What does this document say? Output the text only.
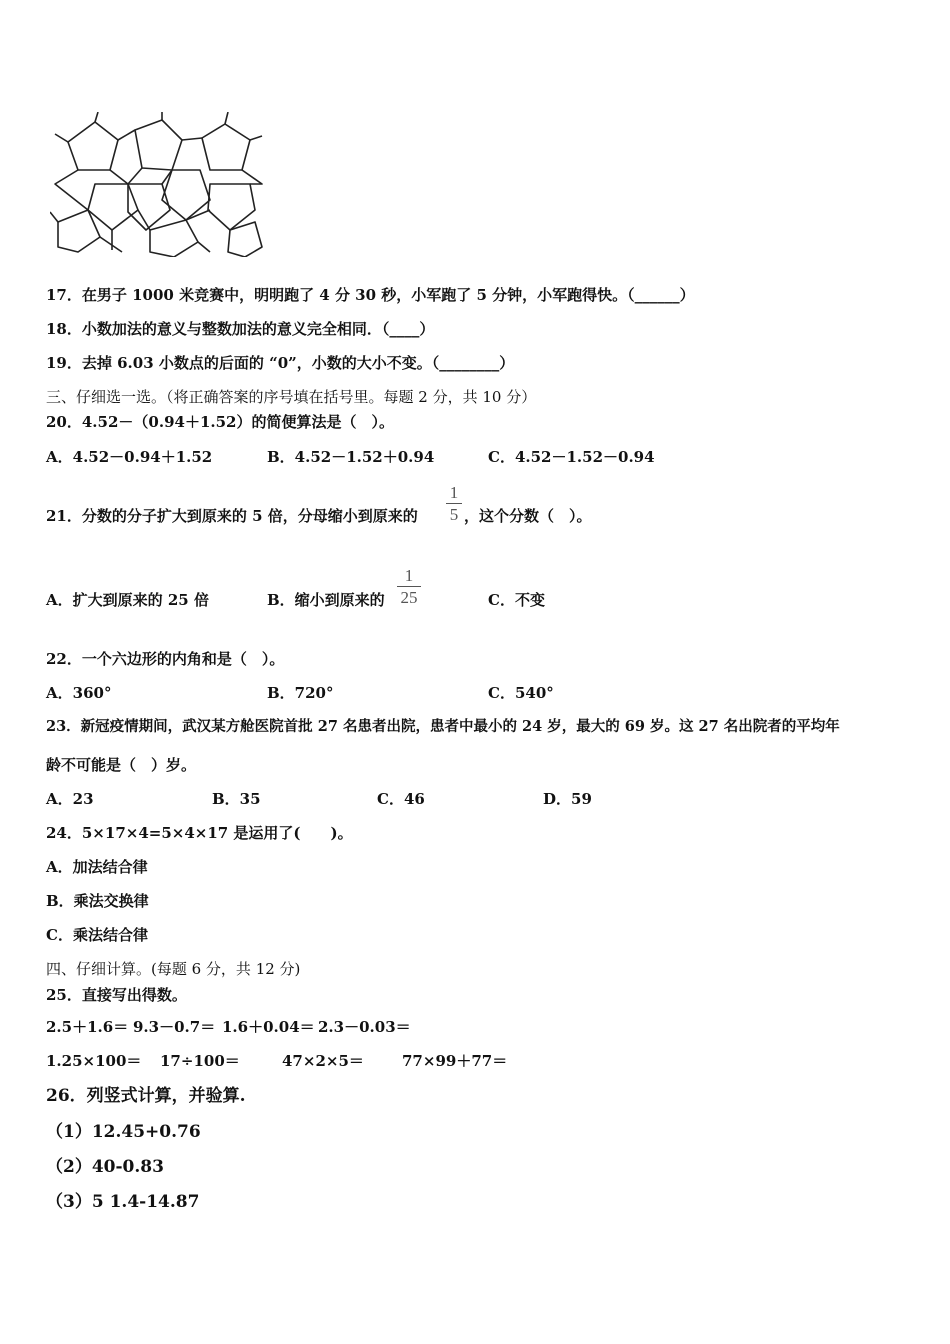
17．在男子 1000 米竞赛中，明明跑了 4 分 30 秒，小军跑了 5 分钟，小军跑得快。（______）
18．小数加法的意义与整数加法的意义完全相同．（____）
19．去掉 6.03 小数点的后面的 “0”，小数的大小不变。（________）
三、仔细选一选。（将正确答案的序号填在括号里。每题 2 分，共 10 分）
20．4.52－（0.94＋1.52）的简便算法是（　）。
A．4.52－0.94＋1.52	B．4.52－1.52＋0.94	C．4.52－1.52－0.94
21．分数的分子扩大到原来的 5 倍，分母缩小到原来的
1
5 ，这个分数（　）。
A．扩大到原来的 25 倍	B．缩小到原来的
1
25	C．不变
22．一个六边形的内角和是（　）。
A．360°	B．720°	C．540°
23．新冠疫情期间，武汉某方舱医院首批 27 名患者出院，患者中最小的 24 岁，最大的 69 岁。这 27 名出院者的平均年
龄不可能是（　）岁。
A．23	B．35	C．46	D．59
24．5×17×4=5×4×17 是运用了(　　)。
A．加法结合律
B．乘法交换律
C．乘法结合律
四、仔细计算。(每题 6 分，共 12 分)
25．直接写出得数。
2.5＋1.6＝ 9.3－0.7＝ 1.6＋0.04＝ 2.3－0.03＝
1.25×100＝ 17÷100＝	47×2×5＝	77×99＋77＝
26．列竖式计算，并验算.
（1）12.45+0.76
（2）40-0.83
（3）5 1.4-14.87
